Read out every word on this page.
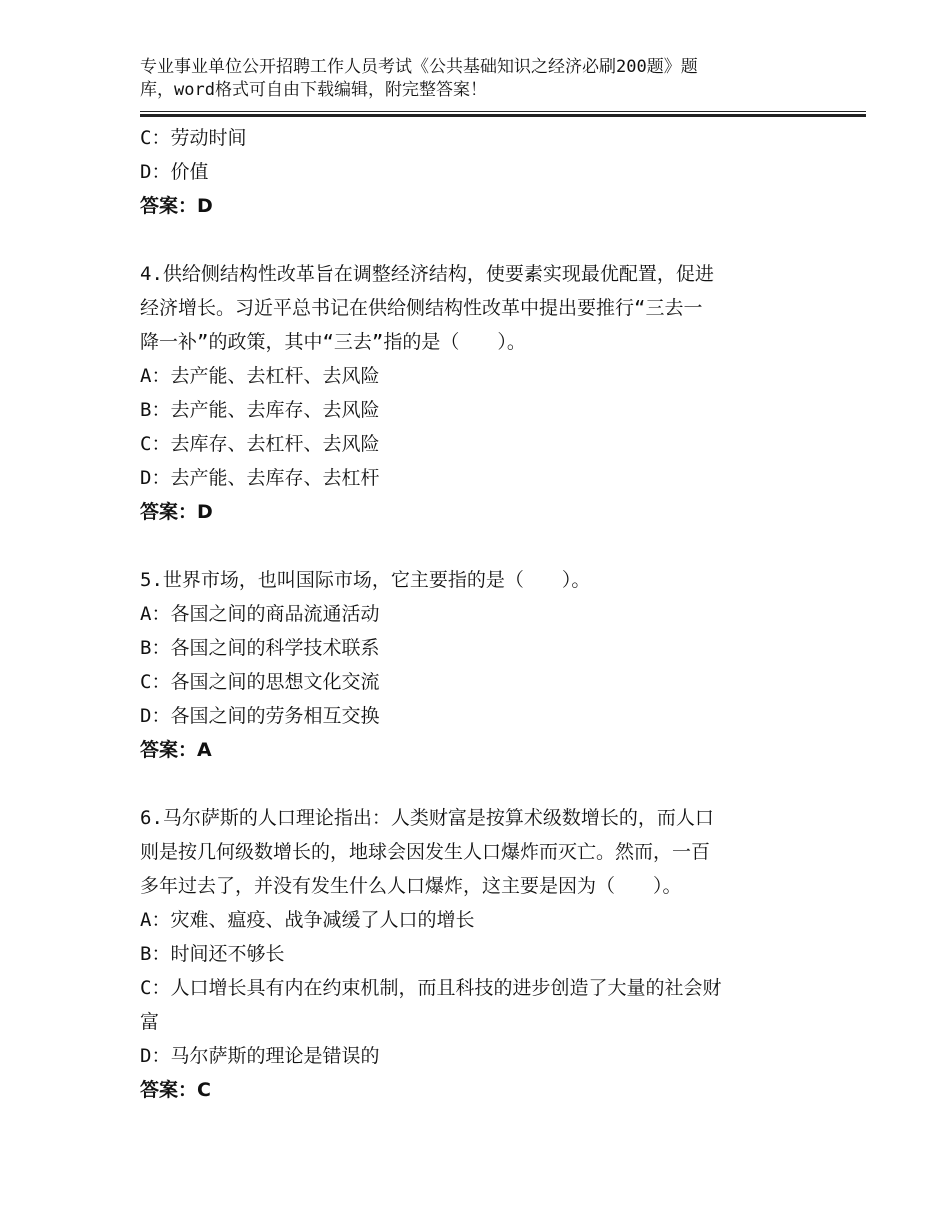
专业事业单位公开招聘工作人员考试《公共基础知识之经济必刷200题》题
库，word格式可自由下载编辑，附完整答案！
C：劳动时间
D：价值
答案：D
4.供给侧结构性改革旨在调整经济结构，使要素实现最优配置，促进
经济增长。习近平总书记在供给侧结构性改革中提出要推行“三去一
降一补”的政策，其中“三去”指的是（　　）。
A：去产能、去杠杆、去风险
B：去产能、去库存、去风险
C：去库存、去杠杆、去风险
D：去产能、去库存、去杠杆
答案：D
5.世界市场，也叫国际市场，它主要指的是（　　）。
A：各国之间的商品流通活动
B：各国之间的科学技术联系
C：各国之间的思想文化交流
D：各国之间的劳务相互交换
答案：A
6.马尔萨斯的人口理论指出：人类财富是按算术级数增长的，而人口
则是按几何级数增长的，地球会因发生人口爆炸而灭亡。然而，一百
多年过去了，并没有发生什么人口爆炸，这主要是因为（　　）。
A：灾难、瘟疫、战争减缓了人口的增长
B：时间还不够长
C：人口增长具有内在约束机制，而且科技的进步创造了大量的社会财
富
D：马尔萨斯的理论是错误的
答案：C
